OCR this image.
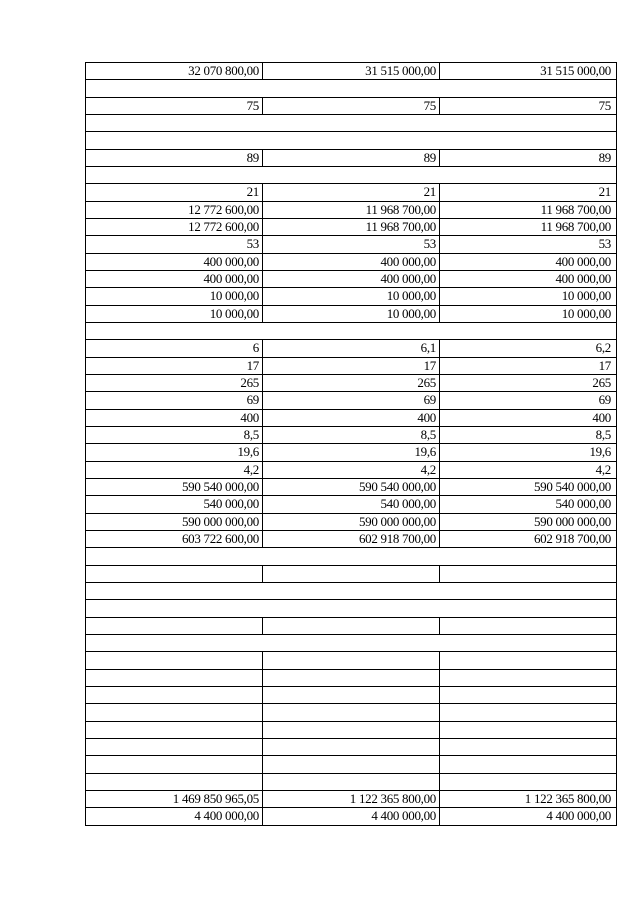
32 070 800,00	31 515 000,00	31 515 000,00
75	75	75
89	89	89
21	21	21
12 772 600,00	11 968 700,00	11 968 700,00
12 772 600,00	11 968 700,00	11 968 700,00
53	53	53
400 000,00	400 000,00	400 000,00
400 000,00	400 000,00	400 000,00
10 000,00	10 000,00	10 000,00
10 000,00	10 000,00	10 000,00
6	6,1	6,2
17	17	17
265	265	265
69	69	69
400	400	400
8,5	8,5	8,5
19,6	19,6	19,6
4,2	4,2	4,2
590 540 000,00	590 540 000,00	590 540 000,00
540 000,00	540 000,00	540 000,00
590 000 000,00	590 000 000,00	590 000 000,00
603 722 600,00	602 918 700,00	602 918 700,00
1 469 850 965,05	1 122 365 800,00	1 122 365 800,00
4 400 000,00	4 400 000,00	4 400 000,00
